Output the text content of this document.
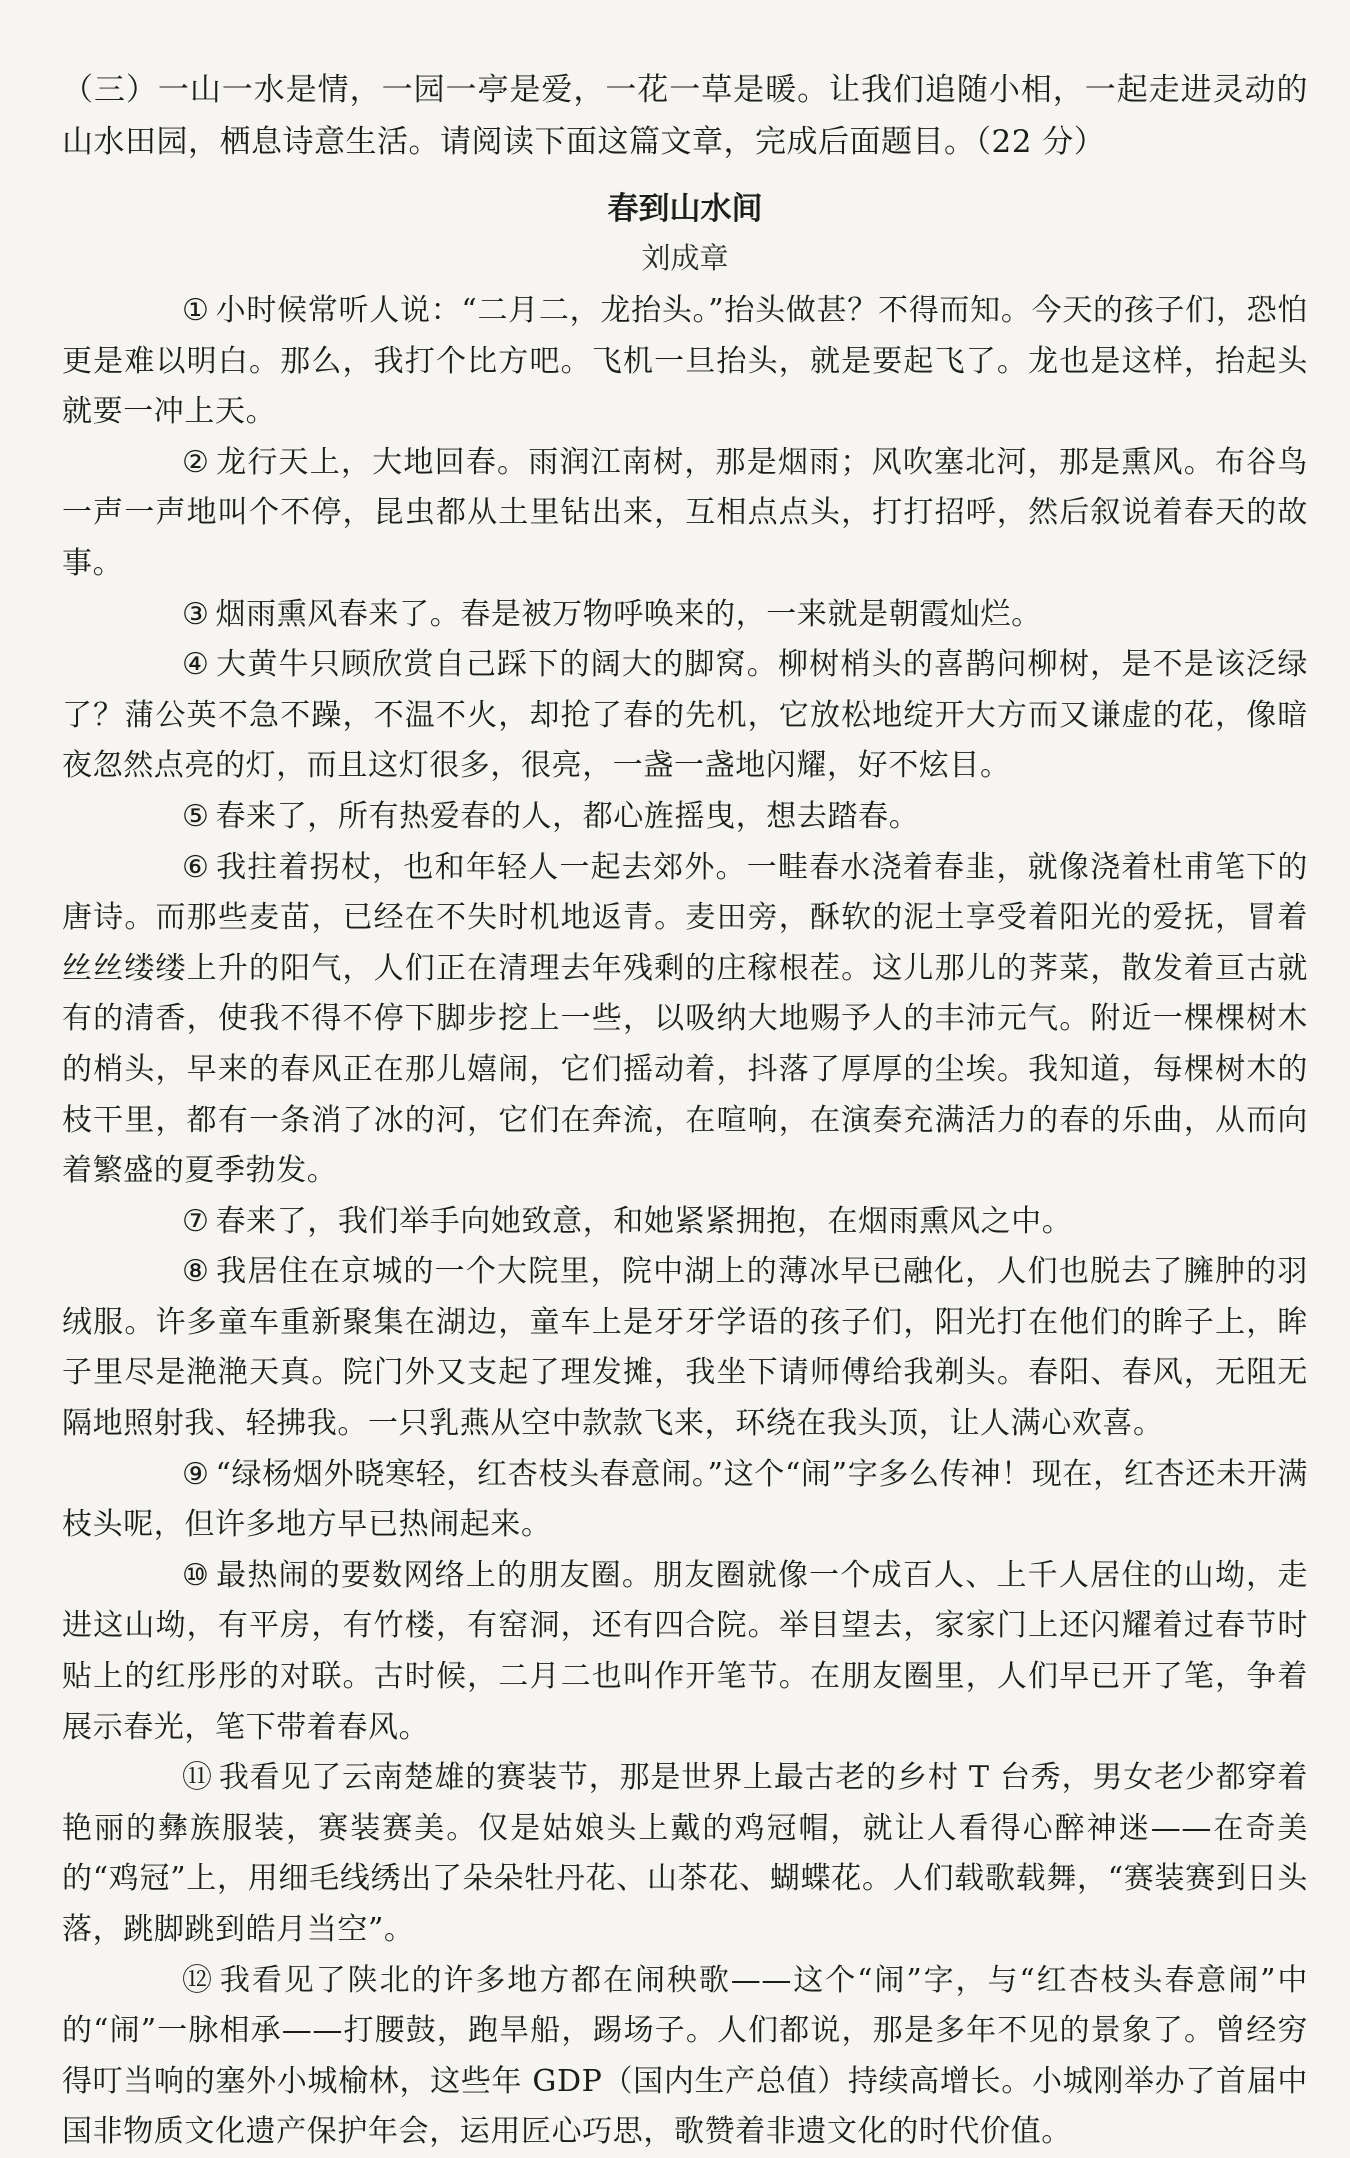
（三）一山一水是情，一园一亭是爱，一花一草是暖。让我们追随小相，一起走进灵动的山水田园，栖息诗意生活。请阅读下面这篇文章，完成后面题目。（22 分）

春到山水间
刘成章

① 小时候常听人说：“二月二，龙抬头。”抬头做甚？不得而知。今天的孩子们，恐怕更是难以明白。那么，我打个比方吧。飞机一旦抬头，就是要起飞了。龙也是这样，抬起头就要一冲上天。

② 龙行天上，大地回春。雨润江南树，那是烟雨；风吹塞北河，那是熏风。布谷鸟一声一声地叫个不停，昆虫都从土里钻出来，互相点点头，打打招呼，然后叙说着春天的故事。

③ 烟雨熏风春来了。春是被万物呼唤来的，一来就是朝霞灿烂。

④ 大黄牛只顾欣赏自己踩下的阔大的脚窝。柳树梢头的喜鹊问柳树，是不是该泛绿了？蒲公英不急不躁，不温不火，却抢了春的先机，它放松地绽开大方而又谦虚的花，像暗夜忽然点亮的灯，而且这灯很多，很亮，一盏一盏地闪耀，好不炫目。

⑤ 春来了，所有热爱春的人，都心旌摇曳，想去踏春。

⑥ 我拄着拐杖，也和年轻人一起去郊外。一畦春水浇着春韭，就像浇着杜甫笔下的唐诗。而那些麦苗，已经在不失时机地返青。麦田旁，酥软的泥土享受着阳光的爱抚，冒着丝丝缕缕上升的阳气，人们正在清理去年残剩的庄稼根茬。这儿那儿的荠菜，散发着亘古就有的清香，使我不得不停下脚步挖上一些，以吸纳大地赐予人的丰沛元气。附近一棵棵树木的梢头，早来的春风正在那儿嬉闹，它们摇动着，抖落了厚厚的尘埃。我知道，每棵树木的枝干里，都有一条消了冰的河，它们在奔流，在喧响，在演奏充满活力的春的乐曲，从而向着繁盛的夏季勃发。

⑦ 春来了，我们举手向她致意，和她紧紧拥抱，在烟雨熏风之中。

⑧ 我居住在京城的一个大院里，院中湖上的薄冰早已融化，人们也脱去了臃肿的羽绒服。许多童车重新聚集在湖边，童车上是牙牙学语的孩子们，阳光打在他们的眸子上，眸子里尽是滟滟天真。院门外又支起了理发摊，我坐下请师傅给我剃头。春阳、春风，无阻无隔地照射我、轻拂我。一只乳燕从空中款款飞来，环绕在我头顶，让人满心欢喜。

⑨ “绿杨烟外晓寒轻，红杏枝头春意闹。”这个“闹”字多么传神！现在，红杏还未开满枝头呢，但许多地方早已热闹起来。

⑩ 最热闹的要数网络上的朋友圈。朋友圈就像一个成百人、上千人居住的山坳，走进这山坳，有平房，有竹楼，有窑洞，还有四合院。举目望去，家家门上还闪耀着过春节时贴上的红彤彤的对联。古时候，二月二也叫作开笔节。在朋友圈里，人们早已开了笔，争着展示春光，笔下带着春风。

⑪ 我看见了云南楚雄的赛装节，那是世界上最古老的乡村 T 台秀，男女老少都穿着艳丽的彝族服装，赛装赛美。仅是姑娘头上戴的鸡冠帽，就让人看得心醉神迷——在奇美的“鸡冠”上，用细毛线绣出了朵朵牡丹花、山茶花、蝴蝶花。人们载歌载舞，“赛装赛到日头落，跳脚跳到皓月当空”。

⑫ 我看见了陕北的许多地方都在闹秧歌——这个“闹”字，与“红杏枝头春意闹”中的“闹”一脉相承——打腰鼓，跑旱船，踢场子。人们都说，那是多年不见的景象了。曾经穷得叮当响的塞外小城榆林，这些年 GDP（国内生产总值）持续高增长。小城刚举办了首届中国非物质文化遗产保护年会，运用匠心巧思，歌赞着非遗文化的时代价值。
